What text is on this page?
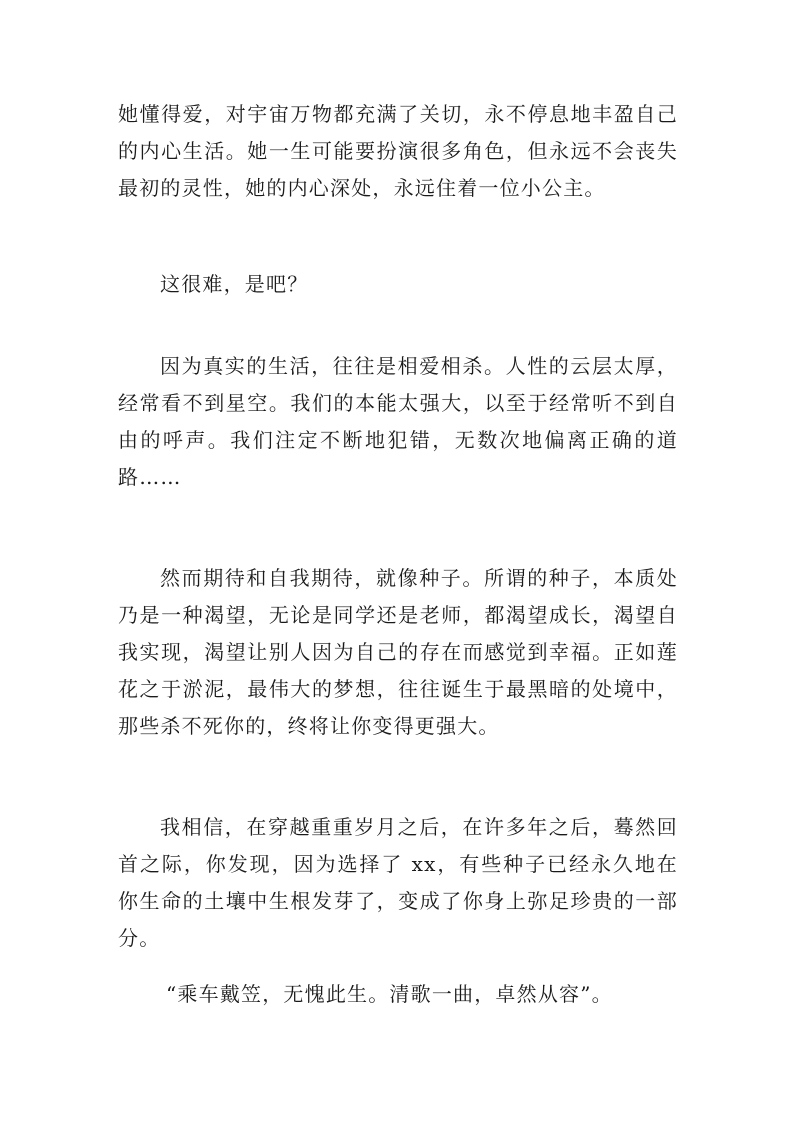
她懂得爱，对宇宙万物都充满了关切，永不停息地丰盈自己的内心生活。她一生可能要扮演很多角色，但永远不会丧失最初的灵性，她的内心深处，永远住着一位小公主。

这很难，是吧？

因为真实的生活，往往是相爱相杀。人性的云层太厚，经常看不到星空。我们的本能太强大，以至于经常听不到自由的呼声。我们注定不断地犯错，无数次地偏离正确的道路……

然而期待和自我期待，就像种子。所谓的种子，本质处乃是一种渴望，无论是同学还是老师，都渴望成长，渴望自我实现，渴望让别人因为自己的存在而感觉到幸福。正如莲花之于淤泥，最伟大的梦想，往往诞生于最黑暗的处境中，那些杀不死你的，终将让你变得更强大。

我相信，在穿越重重岁月之后，在许多年之后，蓦然回首之际，你发现，因为选择了 xx，有些种子已经永久地在你生命的土壤中生根发芽了，变成了你身上弥足珍贵的一部分。

“乘车戴笠，无愧此生。清歌一曲，卓然从容”。
